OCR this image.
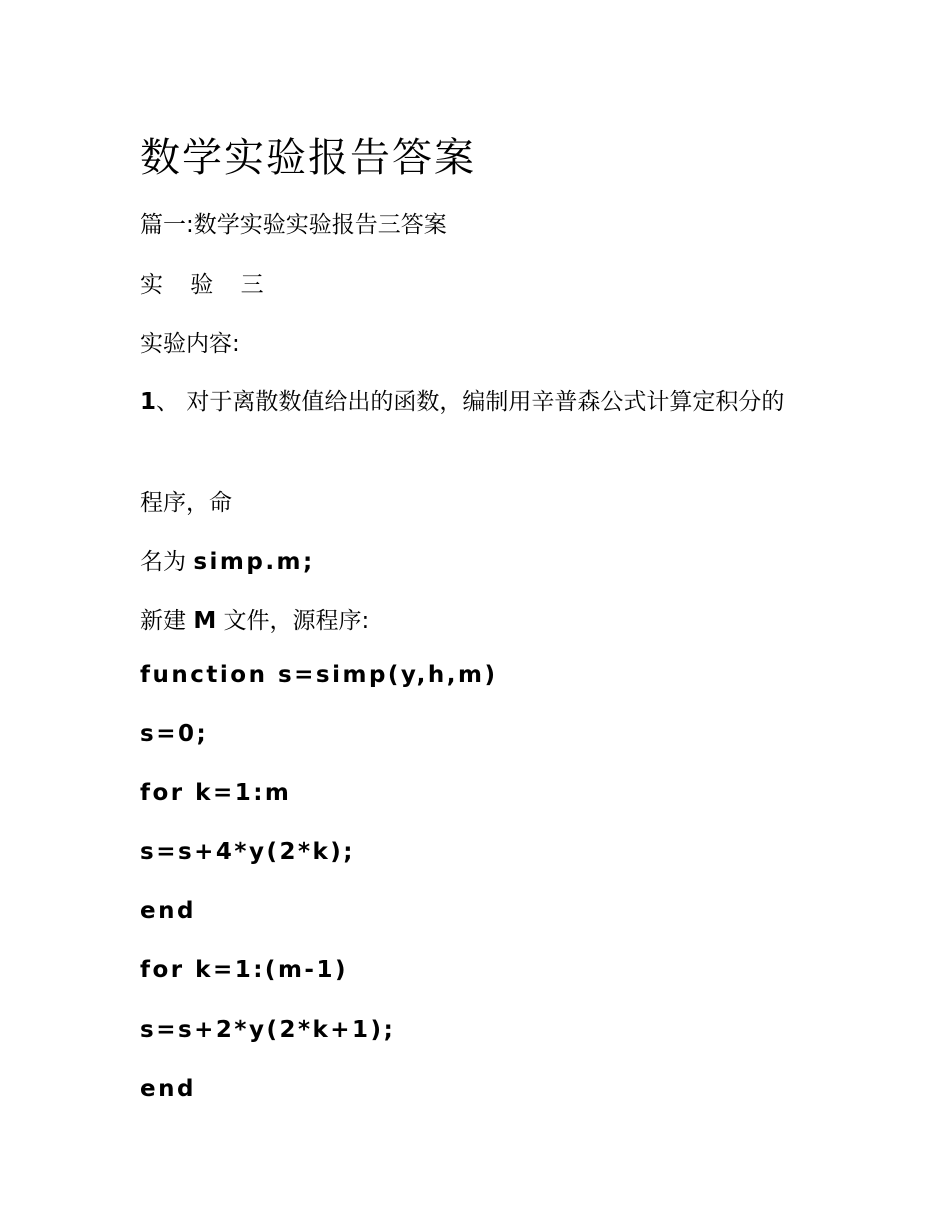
数学实验报告答案

篇一:数学实验实验报告三答案

实 验 三

实验内容:

1、 对于离散数值给出的函数，编制用辛普森公式计算定积分的

程序，命

名为 simp.m;

新建 M 文件，源程序:

function s=simp(y,h,m)

s=0;

for k=1:m

s=s+4*y(2*k);

end

for k=1:(m-1)

s=s+2*y(2*k+1);

end
